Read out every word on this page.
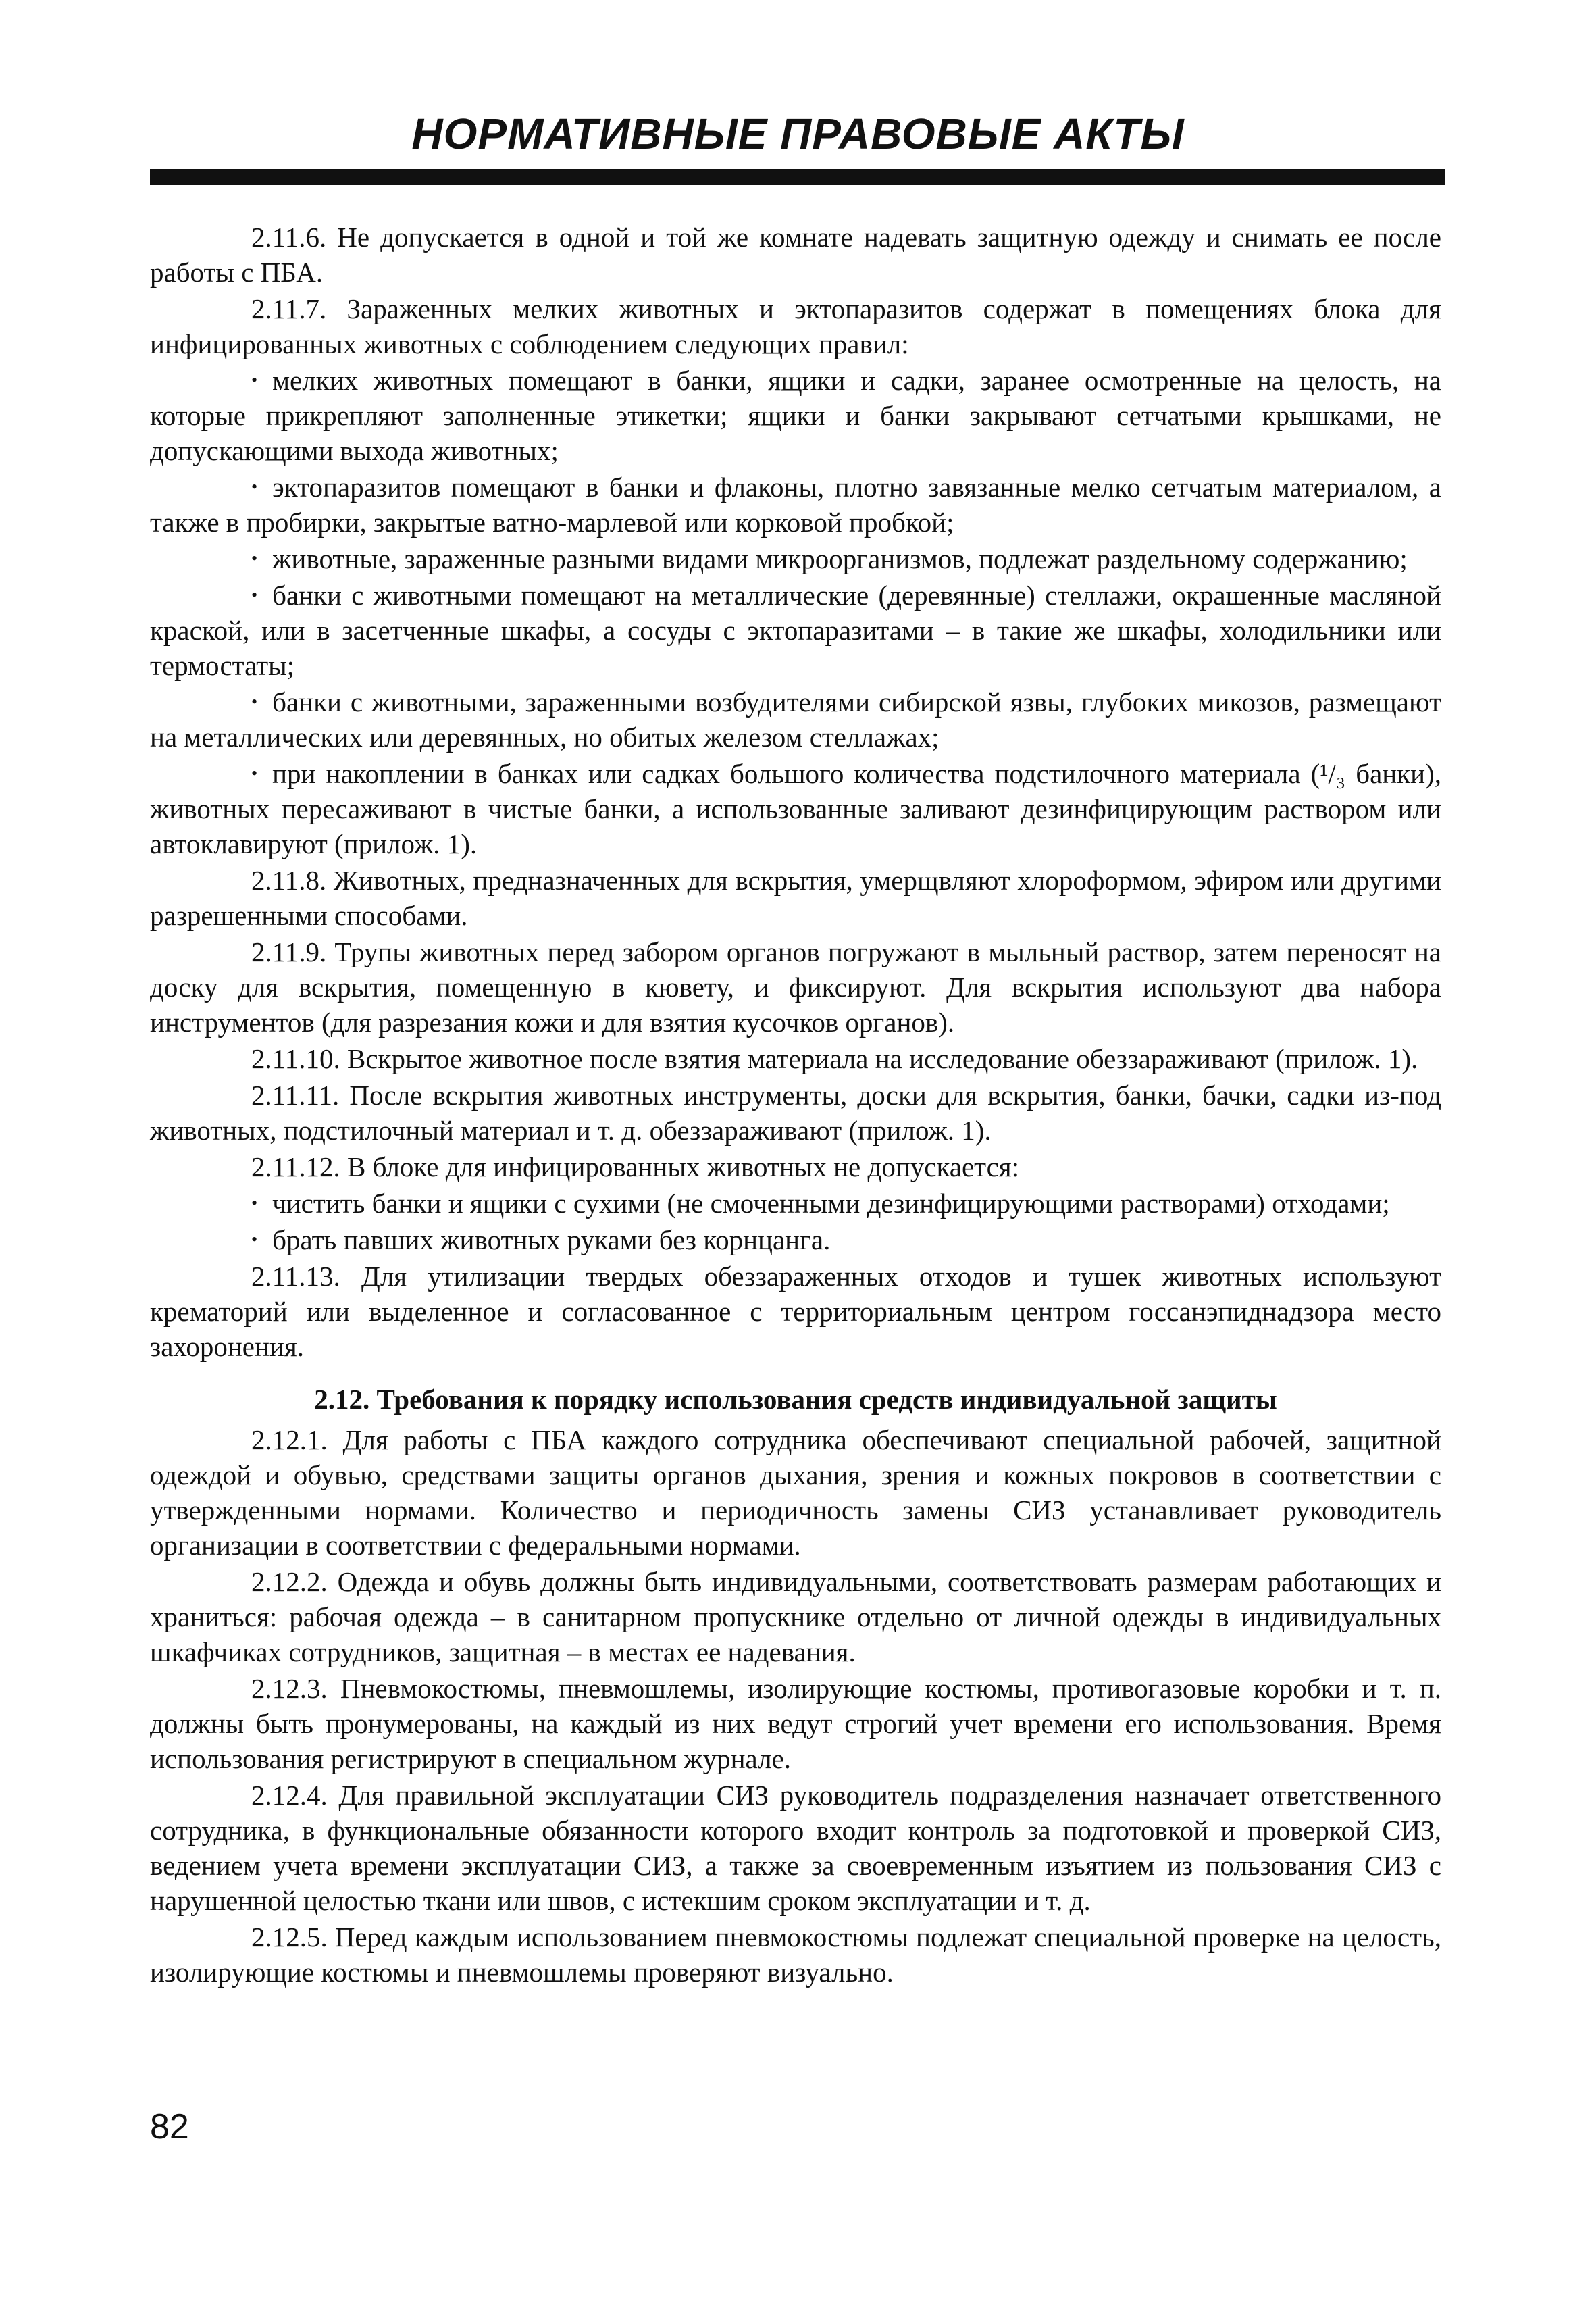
НОРМАТИВНЫЕ ПРАВОВЫЕ АКТЫ

2.11.6. Не допускается в одной и той же комнате надевать защитную одежду и снимать ее после работы с ПБА.

2.11.7. Зараженных мелких животных и эктопаразитов содержат в помещениях блока для инфицированных животных с соблюдением следующих правил:

• мелких животных помещают в банки, ящики и садки, заранее осмотренные на целость, на которые прикрепляют заполненные этикетки; ящики и банки закрывают сетчатыми крышками, не допускающими выхода животных;

• эктопаразитов помещают в банки и флаконы, плотно завязанные мелко сетчатым материалом, а также в пробирки, закрытые ватно-марлевой или корковой пробкой;

• животные, зараженные разными видами микроорганизмов, подлежат раздельному содержанию;

• банки с животными помещают на металлические (деревянные) стеллажи, окрашенные масляной краской, или в засетченные шкафы, а сосуды с эктопаразитами – в такие же шкафы, холодильники или термостаты;

• банки с животными, зараженными возбудителями сибирской язвы, глубоких микозов, размещают на металлических или деревянных, но обитых железом стеллажах;

• при накоплении в банках или садках большого количества подстилочного материала (¹/₃ банки), животных пересаживают в чистые банки, а использованные заливают дезинфицирующим раствором или автоклавируют (прилож. 1).

2.11.8. Животных, предназначенных для вскрытия, умерщвляют хлороформом, эфиром или другими разрешенными способами.

2.11.9. Трупы животных перед забором органов погружают в мыльный раствор, затем переносят на доску для вскрытия, помещенную в кювету, и фиксируют. Для вскрытия используют два набора инструментов (для разрезания кожи и для взятия кусочков органов).

2.11.10. Вскрытое животное после взятия материала на исследование обеззараживают (прилож. 1).

2.11.11. После вскрытия животных инструменты, доски для вскрытия, банки, бачки, садки из-под животных, подстилочный материал и т. д. обеззараживают (прилож. 1).

2.11.12. В блоке для инфицированных животных не допускается:

• чистить банки и ящики с сухими (не смоченными дезинфицирующими растворами) отходами;

• брать павших животных руками без корнцанга.

2.11.13. Для утилизации твердых обеззараженных отходов и тушек животных используют крематорий или выделенное и согласованное с территориальным центром госсанэпиднадзора место захоронения.

2.12. Требования к порядку использования средств индивидуальной защиты

2.12.1. Для работы с ПБА каждого сотрудника обеспечивают специальной рабочей, защитной одеждой и обувью, средствами защиты органов дыхания, зрения и кожных покровов в соответствии с утвержденными нормами. Количество и периодичность замены СИЗ устанавливает руководитель организации в соответствии с федеральными нормами.

2.12.2. Одежда и обувь должны быть индивидуальными, соответствовать размерам работающих и храниться: рабочая одежда – в санитарном пропускнике отдельно от личной одежды в индивидуальных шкафчиках сотрудников, защитная – в местах ее надевания.

2.12.3. Пневмокостюмы, пневмошлемы, изолирующие костюмы, противогазовые коробки и т. п. должны быть пронумерованы, на каждый из них ведут строгий учет времени его использования. Время использования регистрируют в специальном журнале.

2.12.4. Для правильной эксплуатации СИЗ руководитель подразделения назначает ответственного сотрудника, в функциональные обязанности которого входит контроль за подготовкой и проверкой СИЗ, ведением учета времени эксплуатации СИЗ, а также за своевременным изъятием из пользования СИЗ с нарушенной целостью ткани или швов, с истекшим сроком эксплуатации и т. д.

2.12.5. Перед каждым использованием пневмокостюмы подлежат специальной проверке на целость, изолирующие костюмы и пневмошлемы проверяют визуально.

82
